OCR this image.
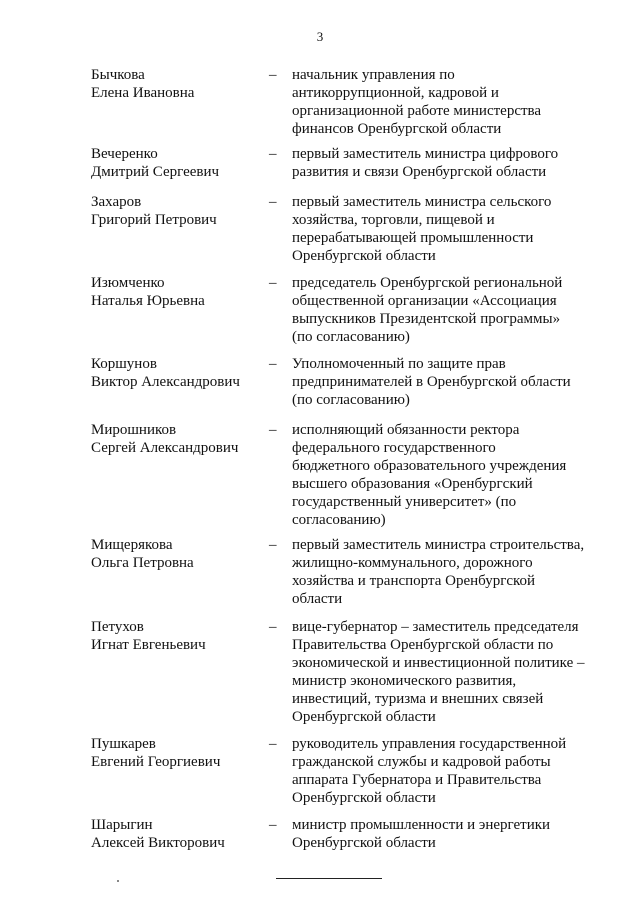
3
Бычкова
Елена Ивановна
–	начальник управления по
антикоррупционной, кадровой и
организационной работе министерства
финансов Оренбургской области
Вечеренко
Дмитрий Сергеевич
–	первый заместитель министра цифрового
развития и связи Оренбургской области
Захаров
Григорий Петрович
–	первый заместитель министра сельского
хозяйства, торговли, пищевой и
перерабатывающей промышленности
Оренбургской области
Изюмченко
Наталья Юрьевна
–	председатель Оренбургской региональной
общественной организации «Ассоциация
выпускников Президентской программы»
(по согласованию)
Коршунов
Виктор Александрович
–	Уполномоченный по защите прав
предпринимателей в Оренбургской области
(по согласованию)
Мирошников
Сергей Александрович
–	исполняющий обязанности ректора
федерального государственного
бюджетного образовательного учреждения
высшего образования «Оренбургский
государственный университет» (по
согласованию)
Мищерякова
Ольга Петровна
–	первый заместитель министра строительства,
жилищно-коммунального, дорожного
хозяйства и транспорта Оренбургской
области
Петухов
Игнат Евгеньевич
–	вице-губернатор – заместитель председателя
Правительства Оренбургской области по
экономической и инвестиционной политике –
министр экономического развития,
инвестиций, туризма и внешних связей
Оренбургской области
Пушкарев
Евгений Георгиевич
–	руководитель управления государственной
гражданской службы и кадровой работы
аппарата Губернатора и Правительства
Оренбургской области
Шарыгин
Алексей Викторович
–	министр промышленности и энергетики
Оренбургской области
